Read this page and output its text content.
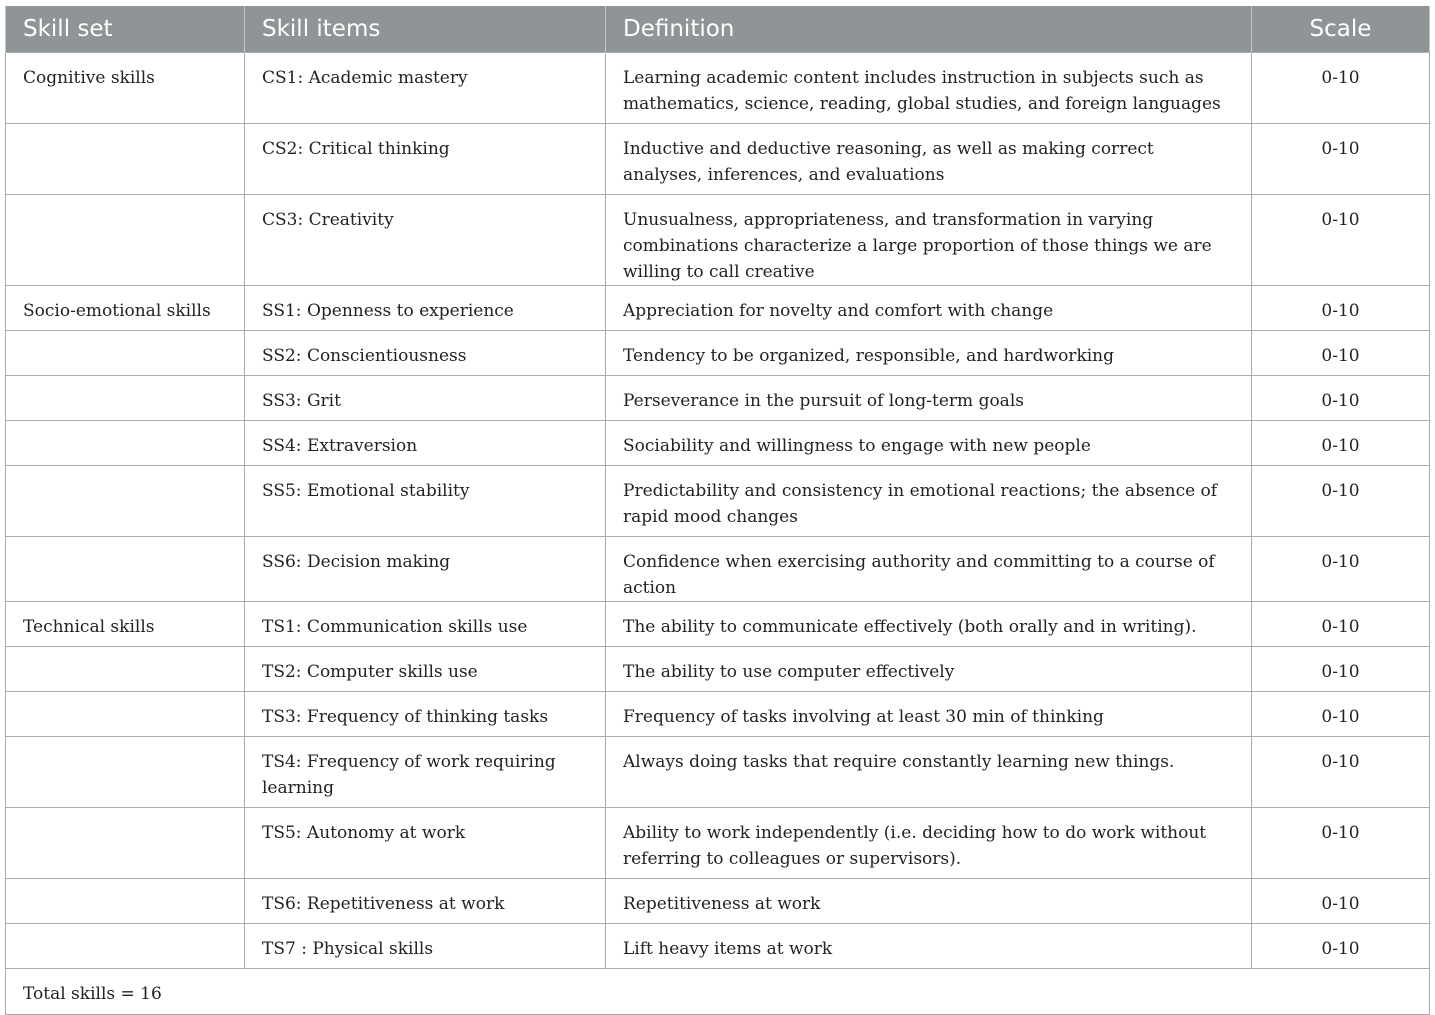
Skill set	Skill items	Definition	Scale
Cognitive skills	CS1: Academic mastery	Learning academic content includes instruction in subjects such as mathematics, science, reading, global studies, and foreign languages	0-10
	CS2: Critical thinking	Inductive and deductive reasoning, as well as making correct analyses, inferences, and evaluations	0-10
	CS3: Creativity	Unusualness, appropriateness, and transformation in varying combinations characterize a large proportion of those things we are willing to call creative	0-10
Socio-emotional skills	SS1: Openness to experience	Appreciation for novelty and comfort with change	0-10
	SS2: Conscientiousness	Tendency to be organized, responsible, and hardworking	0-10
	SS3: Grit	Perseverance in the pursuit of long-term goals	0-10
	SS4: Extraversion	Sociability and willingness to engage with new people	0-10
	SS5: Emotional stability	Predictability and consistency in emotional reactions; the absence of rapid mood changes	0-10
	SS6: Decision making	Confidence when exercising authority and committing to a course of action	0-10
Technical skills	TS1: Communication skills use	The ability to communicate effectively (both orally and in writing).	0-10
	TS2: Computer skills use	The ability to use computer effectively	0-10
	TS3: Frequency of thinking tasks	Frequency of tasks involving at least 30 min of thinking	0-10
	TS4: Frequency of work requiring learning	Always doing tasks that require constantly learning new things.	0-10
	TS5: Autonomy at work	Ability to work independently (i.e. deciding how to do work without referring to colleagues or supervisors).	0-10
	TS6: Repetitiveness at work	Repetitiveness at work	0-10
	TS7 : Physical skills	Lift heavy items at work	0-10
Total skills = 16			
